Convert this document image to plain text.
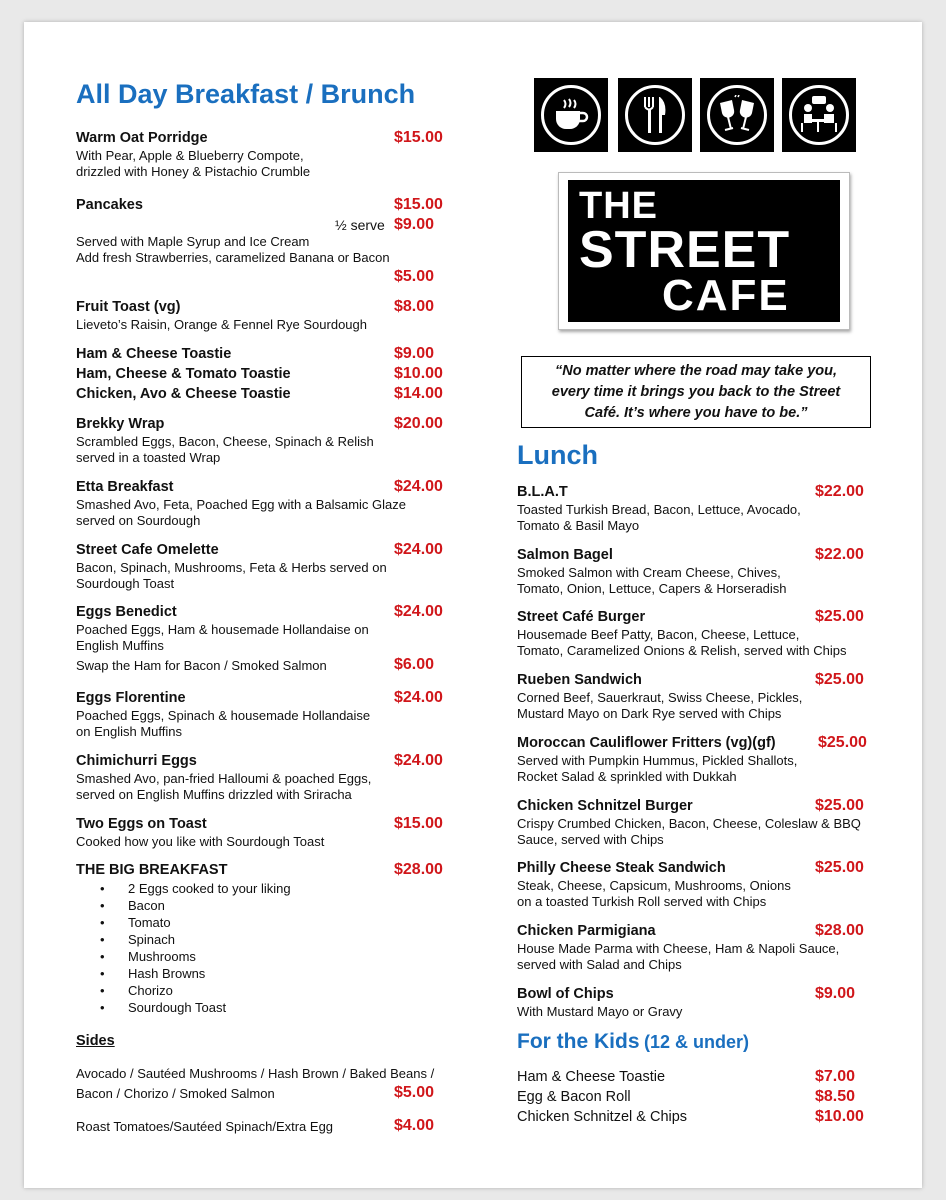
All Day Breakfast / Brunch
Warm Oat Porridge	$15.00
With Pear, Apple & Blueberry Compote,
drizzled with Honey & Pistachio Crumble
Pancakes	$15.00
½ serve $9.00
Served with Maple Syrup and Ice Cream
Add fresh Strawberries, caramelized Banana or Bacon
$5.00
Fruit Toast (vg)	$8.00
Lieveto’s Raisin, Orange & Fennel Rye Sourdough
Ham & Cheese Toastie	$9.00
Ham, Cheese & Tomato Toastie	$10.00
Chicken, Avo & Cheese Toastie	$14.00
Brekky Wrap	$20.00
Scrambled Eggs, Bacon, Cheese, Spinach & Relish
served in a toasted Wrap
Etta Breakfast	$24.00
Smashed Avo, Feta, Poached Egg with a Balsamic Glaze
served on Sourdough
Street Cafe Omelette	$24.00
Bacon, Spinach, Mushrooms, Feta & Herbs served on
Sourdough Toast
Eggs Benedict	$24.00
Poached Eggs, Ham & housemade Hollandaise on
English Muffins
Swap the Ham for Bacon / Smoked Salmon	$6.00
Eggs Florentine	$24.00
Poached Eggs, Spinach & housemade Hollandaise
on English Muffins
Chimichurri Eggs	$24.00
Smashed Avo, pan-fried Halloumi & poached Eggs,
served on English Muffins drizzled with Sriracha
Two Eggs on Toast	$15.00
Cooked how you like with Sourdough Toast
THE BIG BREAKFAST	$28.00
• 2 Eggs cooked to your liking
• Bacon
• Tomato
• Spinach
• Mushrooms
• Hash Browns
• Chorizo
• Sourdough Toast
Sides
Avocado / Sautéed Mushrooms / Hash Brown / Baked Beans /
Bacon / Chorizo / Smoked Salmon	$5.00
Roast Tomatoes/Sautéed Spinach/Extra Egg	$4.00
THE
STREET
CAFE
“No matter where the road may take you,
every time it brings you back to the Street
Café. It’s where you have to be.”
Lunch
B.L.A.T	$22.00
Toasted Turkish Bread, Bacon, Lettuce, Avocado,
Tomato & Basil Mayo
Salmon Bagel	$22.00
Smoked Salmon with Cream Cheese, Chives,
Tomato, Onion, Lettuce, Capers & Horseradish
Street Café Burger	$25.00
Housemade Beef Patty, Bacon, Cheese, Lettuce,
Tomato, Caramelized Onions & Relish, served with Chips
Rueben Sandwich	$25.00
Corned Beef, Sauerkraut, Swiss Cheese, Pickles,
Mustard Mayo on Dark Rye served with Chips
Moroccan Cauliflower Fritters (vg)(gf)	$25.00
Served with Pumpkin Hummus, Pickled Shallots,
Rocket Salad & sprinkled with Dukkah
Chicken Schnitzel Burger	$25.00
Crispy Crumbed Chicken, Bacon, Cheese, Coleslaw & BBQ
Sauce, served with Chips
Philly Cheese Steak Sandwich	$25.00
Steak, Cheese, Capsicum, Mushrooms, Onions
on a toasted Turkish Roll served with Chips
Chicken Parmigiana	$28.00
House Made Parma with Cheese, Ham & Napoli Sauce,
served with Salad and Chips
Bowl of Chips	$9.00
With Mustard Mayo or Gravy
For the Kids (12 & under)
Ham & Cheese Toastie	$7.00
Egg & Bacon Roll	$8.50
Chicken Schnitzel & Chips	$10.00
